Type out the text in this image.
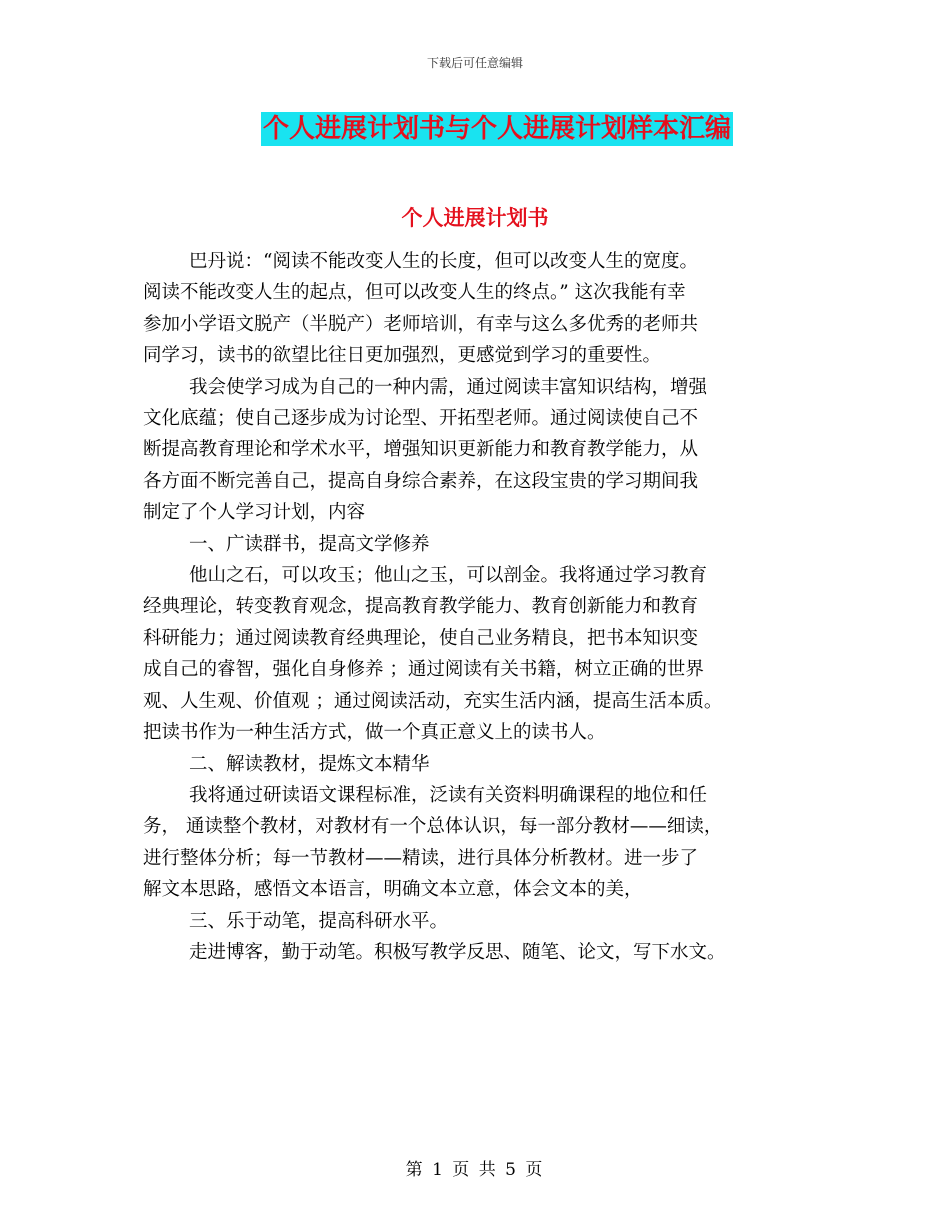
下载后可任意编辑
个人进展计划书与个人进展计划样本汇编
个人进展计划书

巴丹说：“阅读不能改变人生的长度，但可以改变人生的宽度。

阅读不能改变人生的起点，但可以改变人生的终点。” 这次我能有幸

参加小学语文脱产（半脱产）老师培训，有幸与这么多优秀的老师共

同学习，读书的欲望比往日更加强烈，更感觉到学习的重要性。

我会使学习成为自己的一种内需，通过阅读丰富知识结构，增强

文化底蕴；使自己逐步成为讨论型、开拓型老师。通过阅读使自己不

断提高教育理论和学术水平，增强知识更新能力和教育教学能力，从

各方面不断完善自己，提高自身综合素养，在这段宝贵的学习期间我

制定了个人学习计划，内容

一、广读群书，提高文学修养

他山之石，可以攻玉；他山之玉，可以剖金。我将通过学习教育

经典理论，转变教育观念，提高教育教学能力、教育创新能力和教育

科研能力；通过阅读教育经典理论，使自己业务精良，把书本知识变

成自己的睿智，强化自身修养 ；通过阅读有关书籍，树立正确的世界

观、人生观、价值观 ；通过阅读活动，充实生活内涵，提高生活本质。

把读书作为一种生活方式，做一个真正意义上的读书人。

二、解读教材，提炼文本精华

我将通过研读语文课程标准，泛读有关资料明确课程的地位和任

务， 通读整个教材，对教材有一个总体认识，每一部分教材——细读，

进行整体分析；每一节教材——精读，进行具体分析教材。进一步了

解文本思路，感悟文本语言，明确文本立意，体会文本的美，

三、乐于动笔，提高科研水平。

走进博客，勤于动笔。积极写教学反思、随笔、论文，写下水文。

第 1 页 共 5 页
